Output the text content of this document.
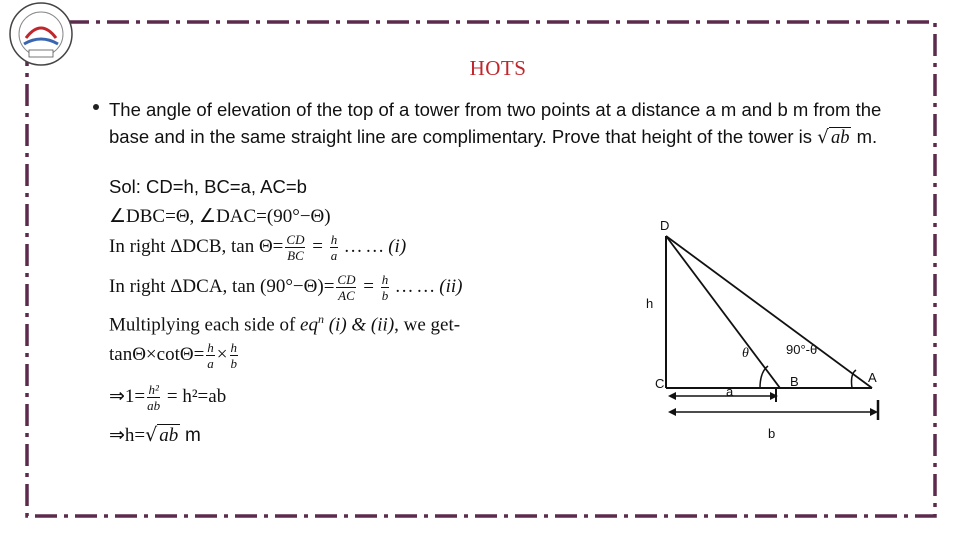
HOTS
The angle of elevation of the top of a tower from two points at a distance a m and b m from the base and in the same straight line are complimentary. Prove that height of the tower is √ ab m.
Sol: CD=h, BC=a, AC=b
∠DBC=Θ, ∠DAC=(90°−Θ)
In right ΔDCB, $\tan \Theta= \frac{CD}{BC} = \frac{h}{a}$ … … (i)
In right ΔDCA, $\tan (90^\circ-\Theta)= \frac{CD}{AC} = \frac{h}{b}$ … … (ii)
Multiplying each side of $eq^n$ (i) & (ii), we get-
$\tan\Theta\times\cot\Theta= \frac{h}{a} \times \frac{h}{b}$
⇒1= $\frac{\text{h²}}{ab} = h^2=ab$
⇒h=√ ab m
D
h
C	B	A
a
b
θ	90°-θ
